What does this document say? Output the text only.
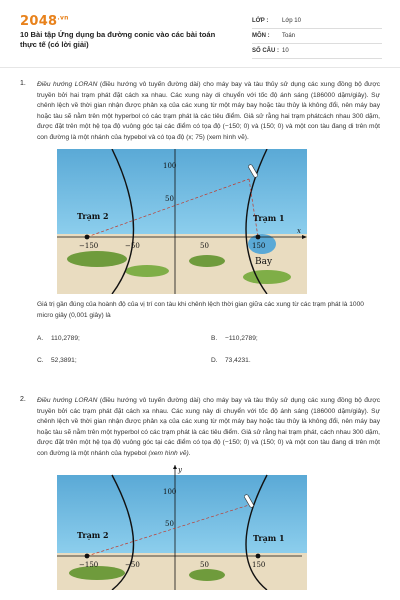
$2048^{.vn}$
10 Bài tập Ứng dụng ba đường conic vào các bài toán thực tế (có lời giải)
LỚP :	Lớp 10
MÔN :	Toán
SỐ CÂU : 10
1. Điều hướng LORAN (điều hướng vô tuyến đường dài) cho máy bay và tàu thủy sử dụng các xung đồng bộ được truyền bởi hai trạm phát đặt cách xa nhau. Các xung này di chuyển với tốc độ ánh sáng (186000 dặm/giây). Sự chênh lệch về thời gian nhận được phản xạ của các xung từ một máy bay hoặc tàu thủy là không đổi, nên máy bay hoặc tàu sẽ nằm trên một hyperbol có các trạm phát là các tiêu điểm. Giả sử rằng hai trạm phátcách nhau 300 dặm, được đặt trên một hệ tọa độ vuông góc tại các điểm có tọa độ (−150; 0) và (150; 0) và một con tàu đang di trên một con đường là một nhánh của hypebol và có tọa độ (x; 75) (xem hình vẽ).
100
50
−150	−50	50	150
x
Trạm 2	Trạm 1
Bay
Giá trị gần đúng của hoành độ của vị trí con tàu khi chênh lệch thời gian giữa các xung từ các trạm phát là 1000 micro giây (0,001 giây) là
A. 110,2789;	B. −110,2789;
C. 52,3891;	D. 73,4231.
2. Điều hướng LORAN (điều hướng vô tuyến đường dài) cho máy bay và tàu thủy sử dụng các xung đồng bộ được truyền bởi các trạm phát đặt cách xa nhau. Các xung này di chuyển với tốc độ ánh sáng (186000 dặm/giây). Sự chênh lệch về thời gian nhận được phản xạ của các xung từ một máy bay hoặc tàu thủy là không đổi, nên máy bay hoặc tàu sẽ nằm trên một hyperbol có các trạm phát là các tiêu điểm. Giả sử rằng hai trạm phát, cách nhau 300 dặm, được đặt trên một hệ tọa độ vuông góc tại các điểm có tọa độ (−150; 0) và (150; 0) và một con tàu đang di trên một con đường là một nhánh của hypebol (xem hình vẽ).
y
100
50
Trạm 2	Trạm 1
−150	−50	50	150
